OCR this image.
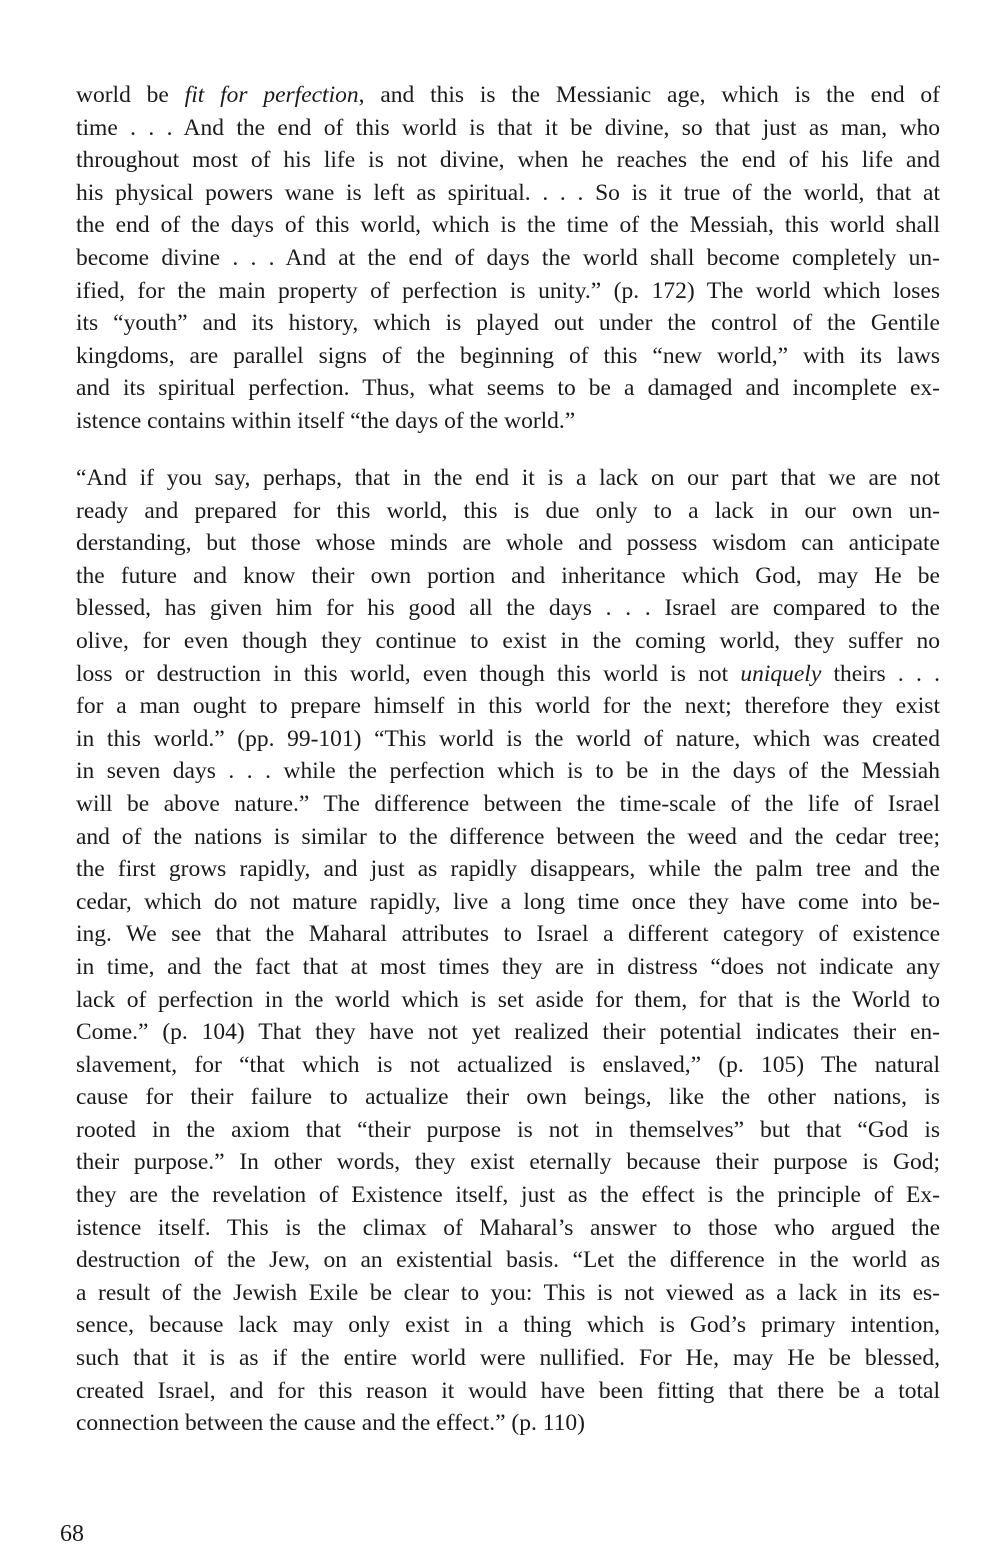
world be fit for perfection, and this is the Messianic age, which is the end of
time . . . And the end of this world is that it be divine, so that just as man, who
throughout most of his life is not divine, when he reaches the end of his life and
his physical powers wane is left as spiritual. . . . So is it true of the world, that at
the end of the days of this world, which is the time of the Messiah, this world shall
become divine . . . And at the end of days the world shall become completely un-
ified, for the main property of perfection is unity.” (p. 172) The world which loses
its “youth” and its history, which is played out under the control of the Gentile
kingdoms, are parallel signs of the beginning of this “new world,” with its laws
and its spiritual perfection. Thus, what seems to be a damaged and incomplete ex-
istence contains within itself “the days of the world.”
“And if you say, perhaps, that in the end it is a lack on our part that we are not
ready and prepared for this world, this is due only to a lack in our own un-
derstanding, but those whose minds are whole and possess wisdom can anticipate
the future and know their own portion and inheritance which God, may He be
blessed, has given him for his good all the days . . . Israel are compared to the
olive, for even though they continue to exist in the coming world, they suffer no
loss or destruction in this world, even though this world is not uniquely theirs . . .
for a man ought to prepare himself in this world for the next; therefore they exist
in this world.” (pp. 99-101) “This world is the world of nature, which was created
in seven days . . . while the perfection which is to be in the days of the Messiah
will be above nature.” The difference between the time-scale of the life of Israel
and of the nations is similar to the difference between the weed and the cedar tree;
the first grows rapidly, and just as rapidly disappears, while the palm tree and the
cedar, which do not mature rapidly, live a long time once they have come into be-
ing. We see that the Maharal attributes to Israel a different category of existence
in time, and the fact that at most times they are in distress “does not indicate any
lack of perfection in the world which is set aside for them, for that is the World to
Come.” (p. 104) That they have not yet realized their potential indicates their en-
slavement, for “that which is not actualized is enslaved,” (p. 105) The natural
cause for their failure to actualize their own beings, like the other nations, is
rooted in the axiom that “their purpose is not in themselves” but that “God is
their purpose.” In other words, they exist eternally because their purpose is God;
they are the revelation of Existence itself, just as the effect is the principle of Ex-
istence itself. This is the climax of Maharal’s answer to those who argued the
destruction of the Jew, on an existential basis. “Let the difference in the world as
a result of the Jewish Exile be clear to you: This is not viewed as a lack in its es-
sence, because lack may only exist in a thing which is God’s primary intention,
such that it is as if the entire world were nullified. For He, may He be blessed,
created Israel, and for this reason it would have been fitting that there be a total
connection between the cause and the effect.” (p. 110)
68
